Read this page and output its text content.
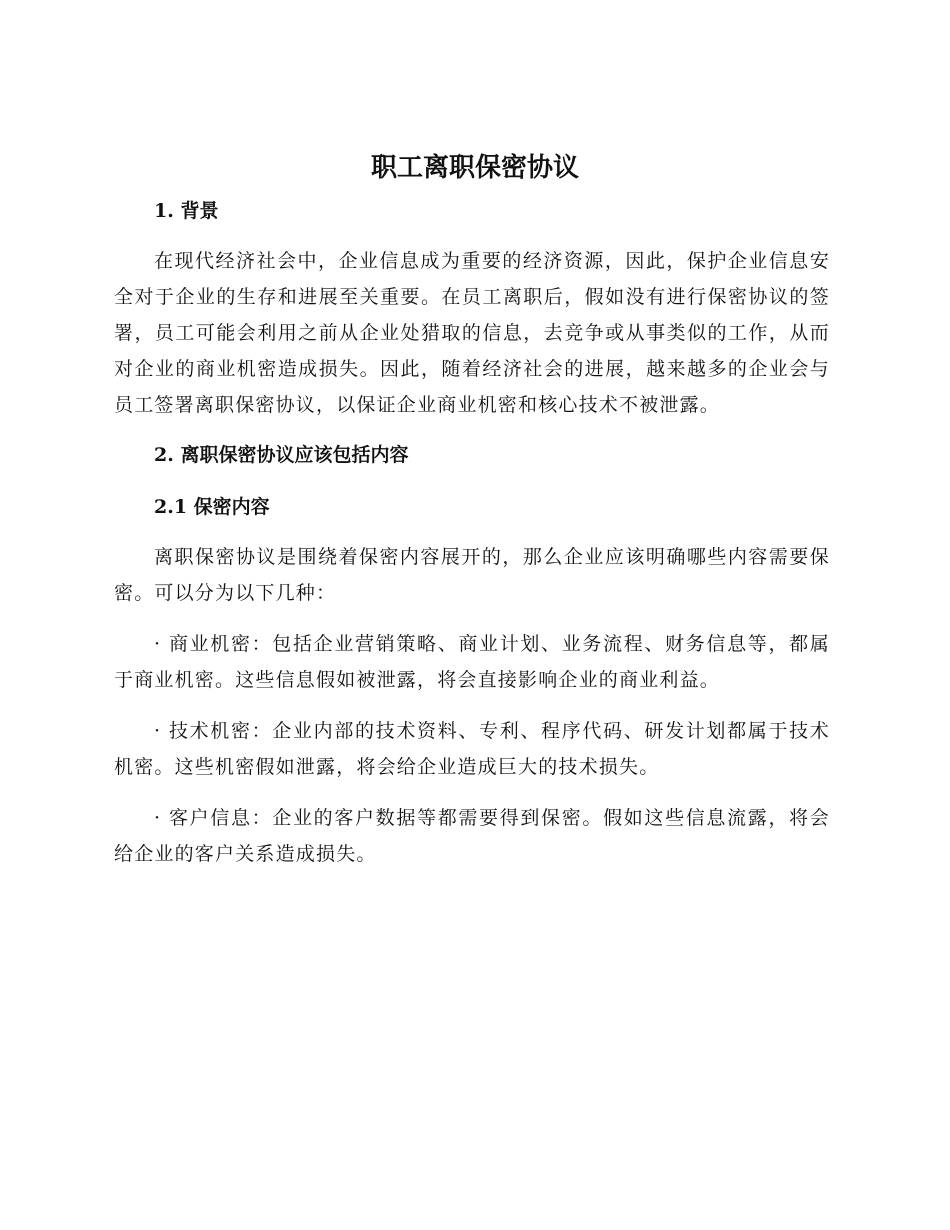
职工离职保密协议
1. 背景

在现代经济社会中，企业信息成为重要的经济资源，因此，保护企业信息安全对于企业的生存和进展至关重要。在员工离职后，假如没有进行保密协议的签署，员工可能会利用之前从企业处猎取的信息，去竞争或从事类似的工作，从而对企业的商业机密造成损失。因此，随着经济社会的进展，越来越多的企业会与员工签署离职保密协议，以保证企业商业机密和核心技术不被泄露。

2. 离职保密协议应该包括内容
2.1 保密内容

离职保密协议是围绕着保密内容展开的，那么企业应该明确哪些内容需要保密。可以分为以下几种：

· 商业机密：包括企业营销策略、商业计划、业务流程、财务信息等，都属于商业机密。这些信息假如被泄露，将会直接影响企业的商业利益。

· 技术机密：企业内部的技术资料、专利、程序代码、研发计划都属于技术机密。这些机密假如泄露，将会给企业造成巨大的技术损失。

· 客户信息：企业的客户数据等都需要得到保密。假如这些信息流露，将会给企业的客户关系造成损失。
